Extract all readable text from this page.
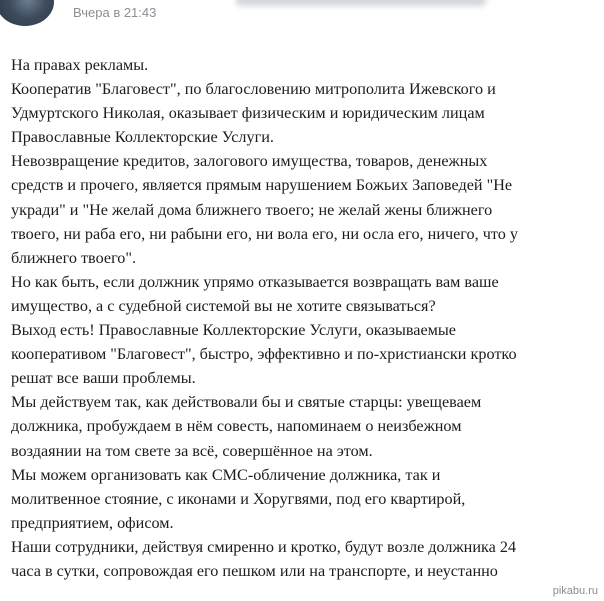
Вчера в 21:43

На правах рекламы.

Кооператив "Благовест", по благословению митрополита Ижевского и

Удмуртского Николая, оказывает физическим и юридическим лицам

Православные Коллекторские Услуги.

Невозвращение кредитов, залогового имущества, товаров, денежных

средств и прочего, является прямым нарушением Божьих Заповедей "Не

укради" и "Не желай дома ближнего твоего; не желай жены ближнего

твоего, ни раба его, ни рабыни его, ни вола его, ни осла его, ничего, что у

ближнего твоего".

Но как быть, если должник упрямо отказывается возвращать вам ваше

имущество, а с судебной системой вы не хотите связываться?

Выход есть! Православные Коллекторские Услуги, оказываемые

кооперативом "Благовест", быстро, эффективно и по-христиански кротко

решат все ваши проблемы.

Мы действуем так, как действовали бы и святые старцы: увещеваем

должника, пробуждаем в нём совесть, напоминаем о неизбежном

воздаянии на том свете за всё, совершённое на этом.

Мы можем организовать как СМС-обличение должника, так и

молитвенное стояние, с иконами и Хоругвями, под его квартирой,

предприятием, офисом.

Наши сотрудники, действуя смиренно и кротко, будут возле должника 24

часа в сутки, сопровождая его пешком или на транспорте, и неустанно

pikabu.ru
